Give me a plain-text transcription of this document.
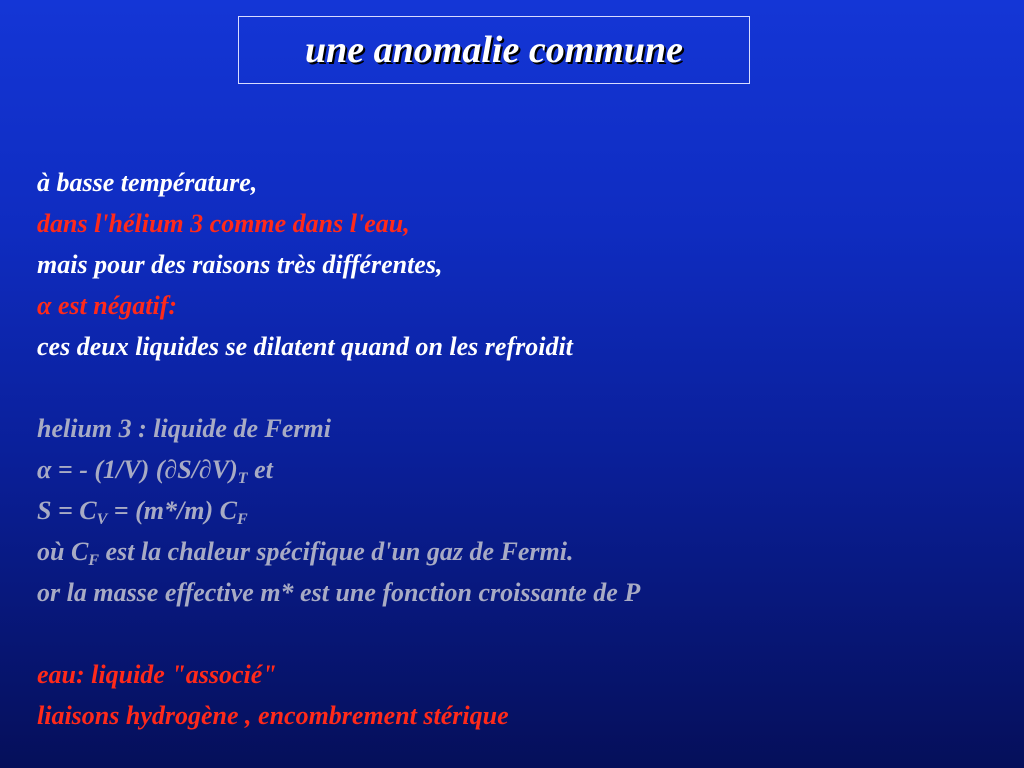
une anomalie commune
à basse température,
dans l'hélium 3 comme dans l'eau,
mais pour des raisons très différentes,
α est négatif:
ces deux liquides se dilatent quand on les refroidit
helium 3 : liquide de Fermi
α = - (1/V) $(\partial S/\partial V)_T$ et
$S = C_V = (m*/m)$ $C_F$
où $C_F$ est la chaleur spécifique d'un gaz de Fermi.
or la masse effective m* est une fonction croissante de P
eau: liquide "associé"
liaisons hydrogène , encombrement stérique
